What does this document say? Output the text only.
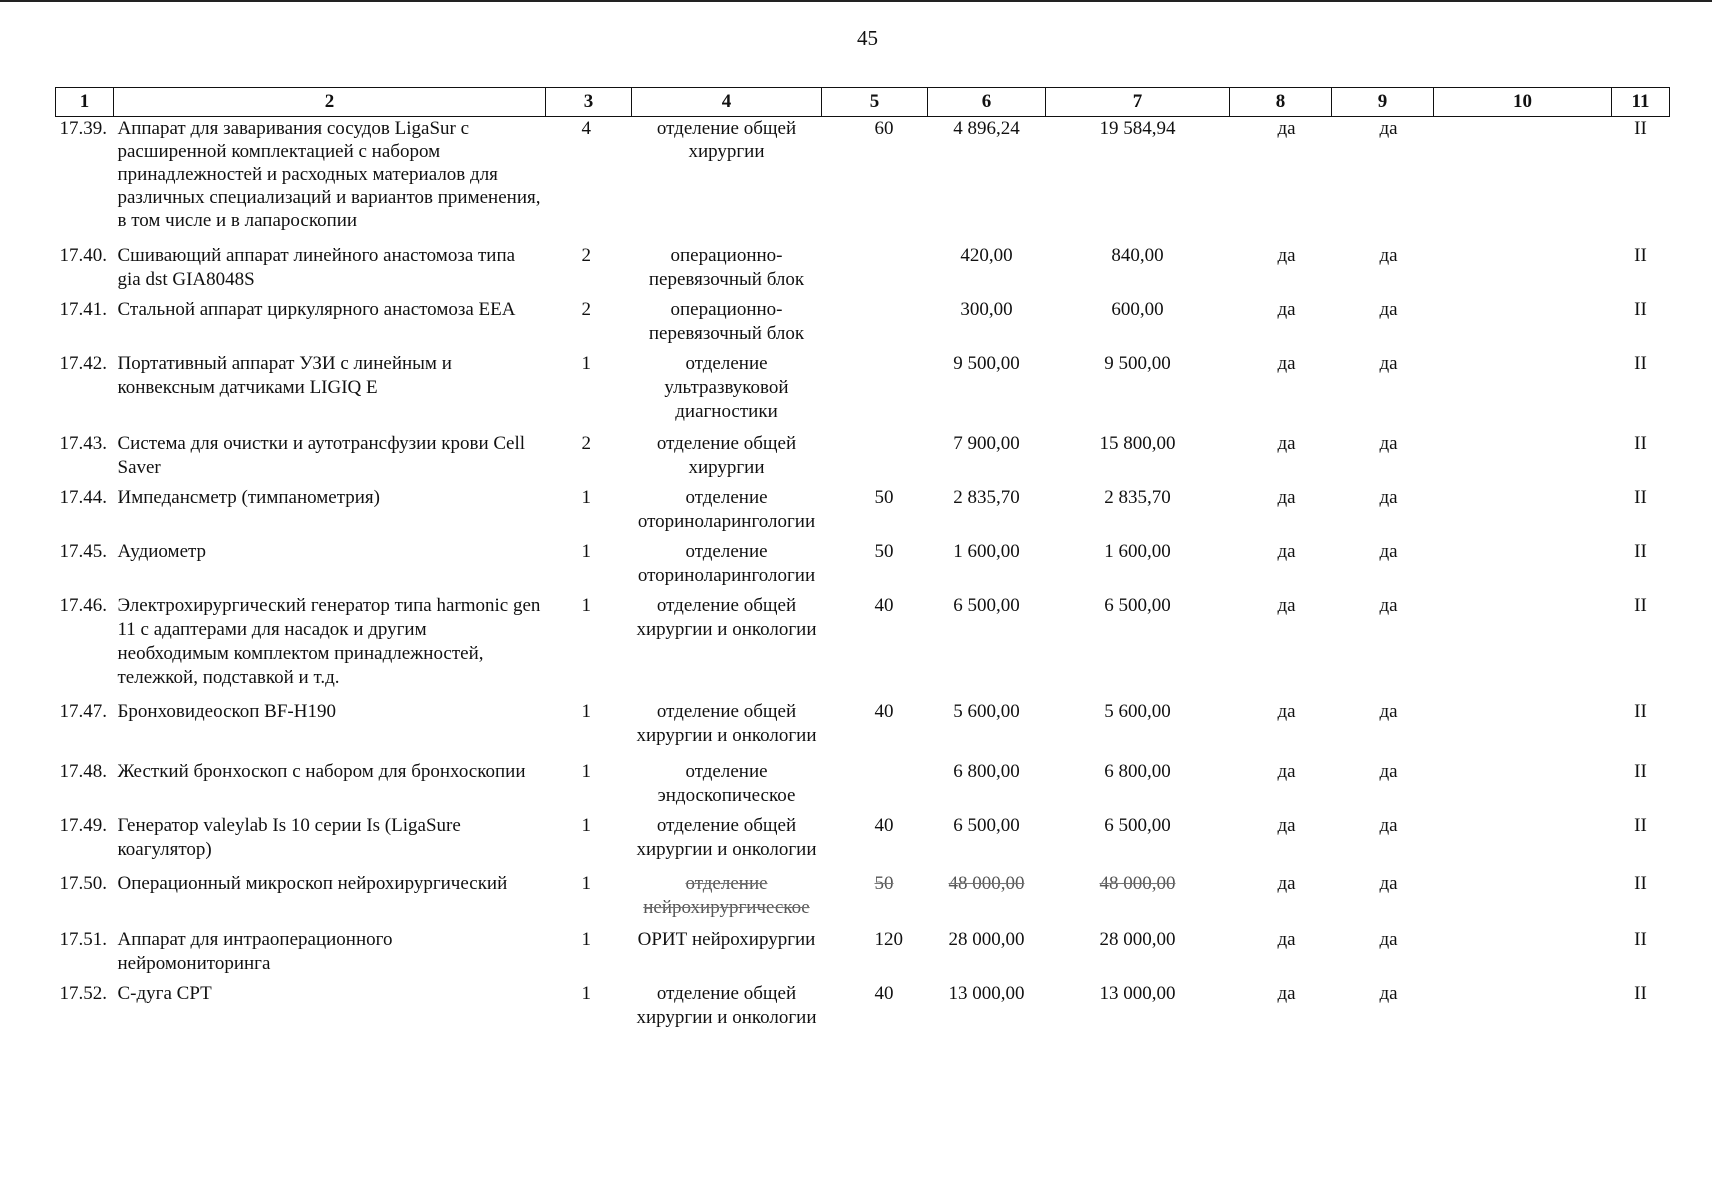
45
1	2	3	4	5	6	7	8	9	10	11
17.39.	Аппарат для заваривания сосудов LigaSur с расширенной комплектацией с набором принадлежностей и расходных материалов для различных специализаций и вариантов применения, в том числе и в лапароскопии	4	отделение общей хирургии	60	4 896,24	19 584,94	да	да		II
17.40.	Сшивающий аппарат линейного анастомоза типа gia dst GIA8048S	2	операционно-перевязочный блок		420,00	840,00	да	да		II
17.41.	Стальной аппарат циркулярного анастомоза EEA	2	операционно-перевязочный блок		300,00	600,00	да	да		II
17.42.	Портативный аппарат УЗИ с линейным и конвексным датчиками LIGIQ E	1	отделение ультразвуковой диагностики		9 500,00	9 500,00	да	да		II
17.43.	Система для очистки и аутотрансфузии крови Cell Saver	2	отделение общей хирургии		7 900,00	15 800,00	да	да		II
17.44.	Импедансметр (тимпанометрия)	1	отделение оториноларингологии	50	2 835,70	2 835,70	да	да		II
17.45.	Аудиометр	1	отделение оториноларингологии	50	1 600,00	1 600,00	да	да		II
17.46.	Электрохирургический генератор типа harmonic gen 11 с адаптерами для насадок и другим необходимым комплектом принадлежностей, тележкой, подставкой и т.д.	1	отделение общей хирургии и онкологии	40	6 500,00	6 500,00	да	да		II
17.47.	Бронховидеоскоп BF-H190	1	отделение общей хирургии и онкологии	40	5 600,00	5 600,00	да	да		II
17.48.	Жесткий бронхоскоп с набором для бронхоскопии	1	отделение эндоскопическое		6 800,00	6 800,00	да	да		II
17.49.	Генератор valeylab Is 10 серии Is (LigaSure коагулятор)	1	отделение общей хирургии и онкологии	40	6 500,00	6 500,00	да	да		II
17.50.	Операционный микроскоп нейрохирургический	1	отделение нейрохирургическое	50	48 000,00	48 000,00	да	да		II
17.51.	Аппарат для интраоперационного нейромониторинга	1	ОРИТ нейрохирургии	120	28 000,00	28 000,00	да	да		II
17.52.	С-дуга СРТ	1	отделение общей хирургии и онкологии	40	13 000,00	13 000,00	да	да		II
